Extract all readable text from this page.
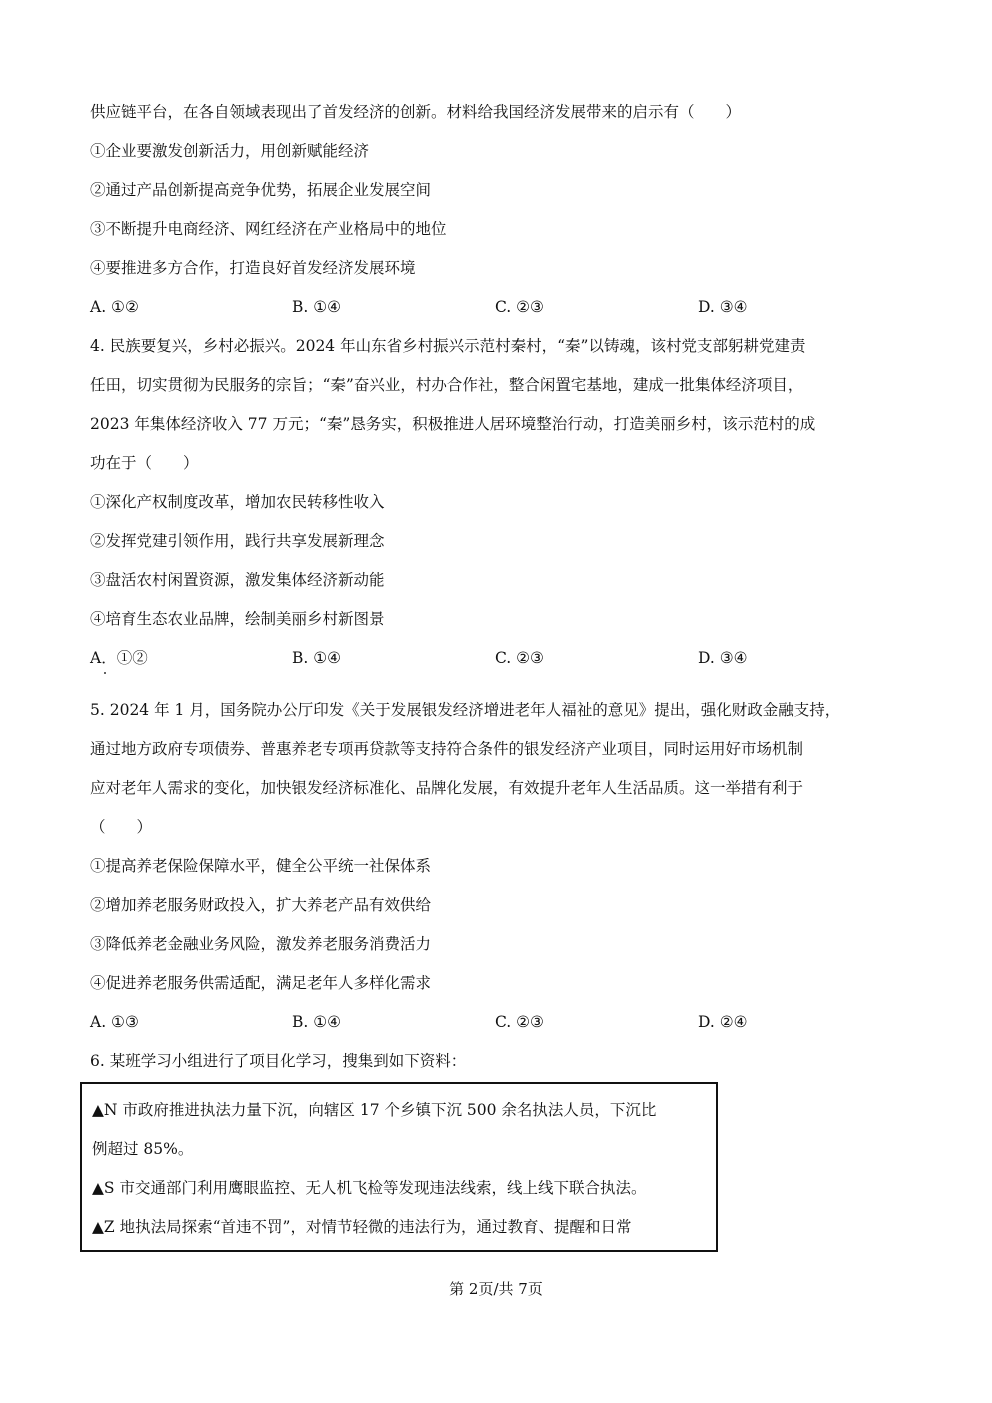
供应链平台，在各自领域表现出了首发经济的创新。材料给我国经济发展带来的启示有（　　）
①企业要激发创新活力，用创新赋能经济
②通过产品创新提高竞争优势，拓展企业发展空间
③不断提升电商经济、网红经济在产业格局中的地位
④要推进多方合作，打造良好首发经济发展环境
A. ①②	B. ①④	C. ②③	D. ③④
4. 民族要复兴，乡村必振兴。2024 年山东省乡村振兴示范村秦村，“秦”以铸魂，该村党支部躬耕党建责
任田，切实贯彻为民服务的宗旨；“秦”奋兴业，村办合作社，整合闲置宅基地，建成一批集体经济项目，
2023 年集体经济收入 77 万元；“秦”恳务实，积极推进人居环境整治行动，打造美丽乡村，该示范村的成
功在于（　　）
①深化产权制度改革，增加农民转移性收入
②发挥党建引领作用，践行共享发展新理念
③盘活农村闲置资源，激发集体经济新动能
④培育生态农业品牌，绘制美丽乡村新图景
A．①②	B. ①④	C. ②③	D. ③④
5. 2024 年 1 月，国务院办公厅印发《关于发展银发经济增进老年人福祉的意见》提出，强化财政金融支持，
通过地方政府专项债券、普惠养老专项再贷款等支持符合条件的银发经济产业项目，同时运用好市场机制
应对老年人需求的变化，加快银发经济标准化、品牌化发展，有效提升老年人生活品质。这一举措有利于
（　　）
①提高养老保险保障水平，健全公平统一社保体系
②增加养老服务财政投入，扩大养老产品有效供给
③降低养老金融业务风险，激发养老服务消费活力
④促进养老服务供需适配，满足老年人多样化需求
A. ①③	B. ①④	C. ②③	D. ②④
6. 某班学习小组进行了项目化学习，搜集到如下资料：
▲N 市政府推进执法力量下沉，向辖区 17 个乡镇下沉 500 余名执法人员，下沉比
例超过 85%。
▲S 市交通部门利用鹰眼监控、无人机飞检等发现违法线索，线上线下联合执法。
▲Z 地执法局探索“首违不罚”，对情节轻微的违法行为，通过教育、提醒和日常
第 2页/共 7页
